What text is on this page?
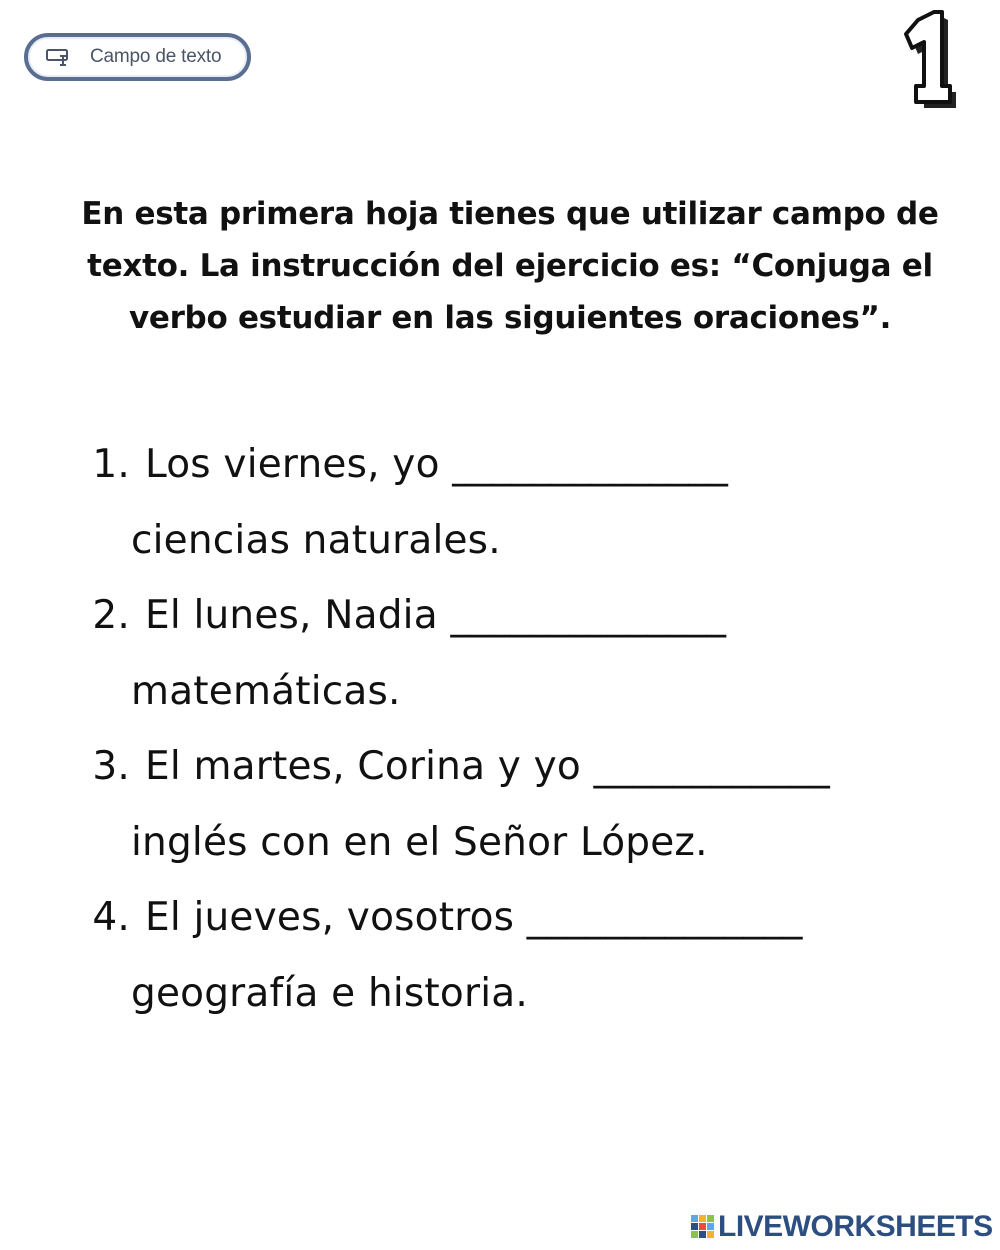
Campo de texto
1
En esta primera hoja tienes que utilizar campo de
texto. La instrucción del ejercicio es: “Conjuga el
verbo estudiar en las siguientes oraciones”.
1. Los viernes, yo ______________
ciencias naturales.
2. El lunes, Nadia ______________
matemáticas.
3. El martes, Corina y yo ____________
inglés con en el Señor López.
4. El jueves, vosotros ______________
geografía e historia.
LIVEWORKSHEETS
